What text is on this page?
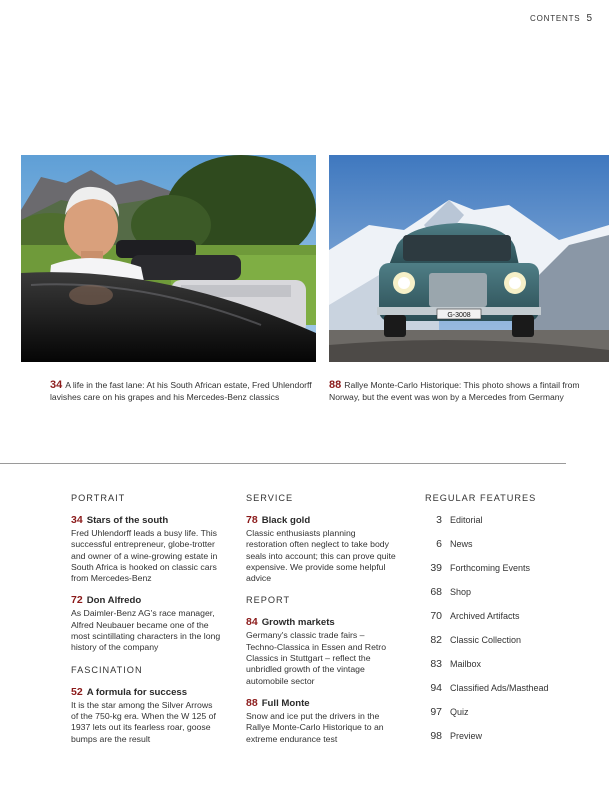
CONTENTS 5
G-3008
34 A life in the fast lane: At his South African estate, Fred Uhlendorff lavishes care on his grapes and his Mercedes-Benz classics
88 Rallye Monte-Carlo Historique: This photo shows a fintail from Norway, but the event was won by a Mercedes from Germany
PORTRAIT
34 Stars of the south
Fred Uhlendorff leads a busy life. This successful entrepreneur, globe-trotter and owner of a wine-growing estate in South Africa is hooked on classic cars from Mercedes-Benz
72 Don Alfredo
As Daimler-Benz AG's race manager, Alfred Neubauer became one of the most scintillating characters in the long history of the company
FASCINATION
52 A formula for success
It is the star among the Silver Arrows of the 750-kg era. When the W 125 of 1937 lets out its fearless roar, goose bumps are the result
SERVICE
78 Black gold
Classic enthusiasts planning restoration often neglect to take body seals into account; this can prove quite expensive. We provide some helpful advice
REPORT
84 Growth markets
Germany's classic trade fairs – Techno-Classica in Essen and Retro Classics in Stuttgart – reflect the unbridled growth of the vintage automobile sector
88 Full Monte
Snow and ice put the drivers in the Rallye Monte-Carlo Historique to an extreme endurance test
REGULAR FEATURES
3 Editorial
6 News
39 Forthcoming Events
68 Shop
70 Archived Artifacts
82 Classic Collection
83 Mailbox
94 Classified Ads/Masthead
97 Quiz
98 Preview
